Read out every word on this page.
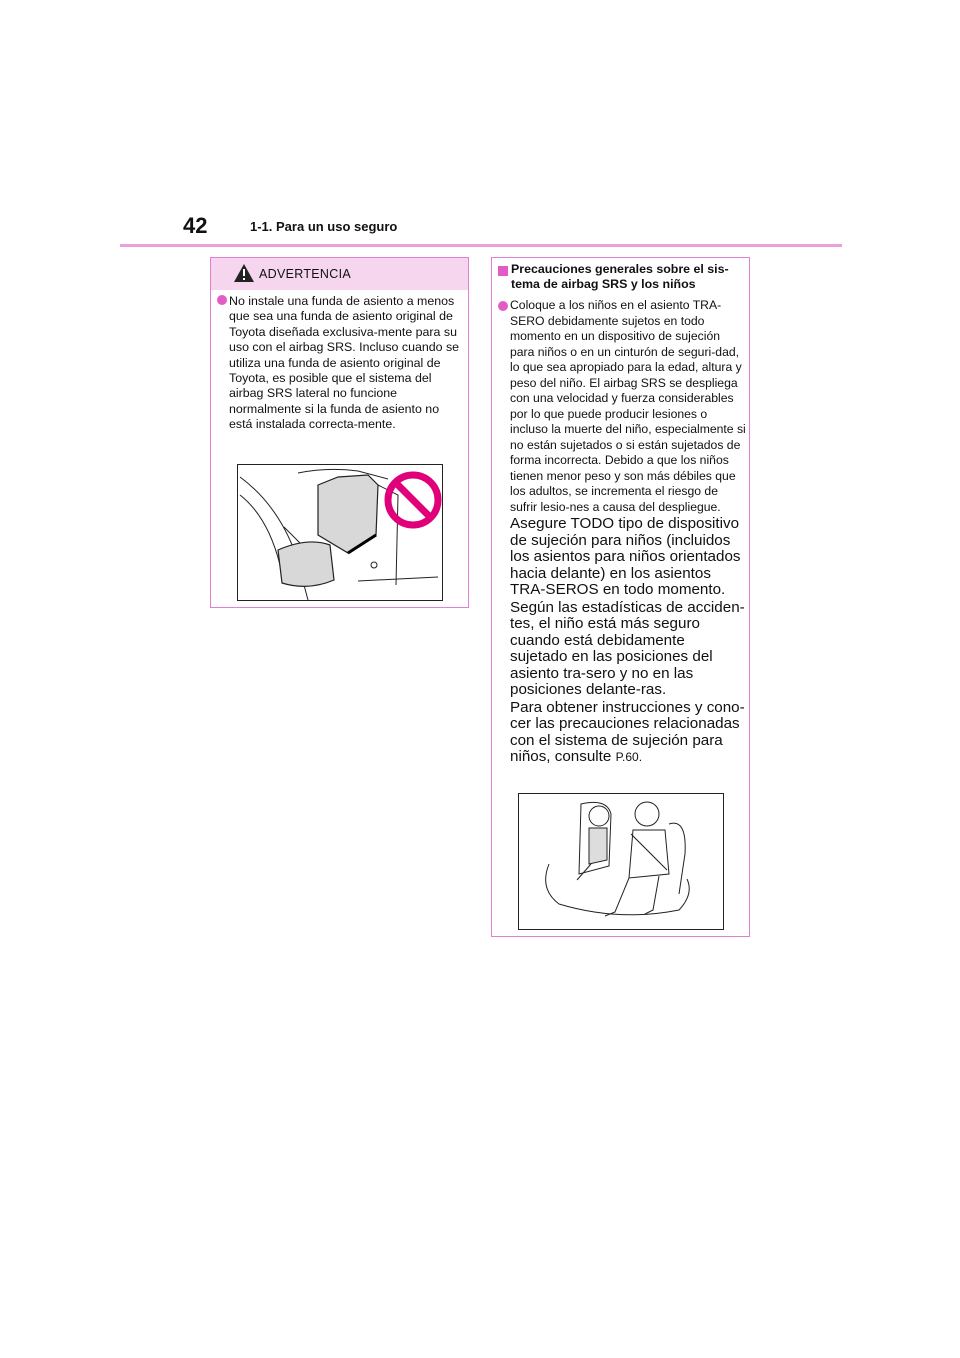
42	1-1. Para un uso seguro
ADVERTENCIA
No instale una funda de asiento a menos que sea una funda de asiento original de Toyota diseñada exclusiva-mente para su uso con el airbag SRS. Incluso cuando se utiliza una funda de asiento original de Toyota, es posible que el sistema del airbag SRS lateral no funcione normalmente si la funda de asiento no está instalada correcta-mente.
Precauciones generales sobre el sis-tema de airbag SRS y los niños
Coloque a los niños en el asiento TRA-SERO debidamente sujetos en todo momento en un dispositivo de sujeción para niños o en un cinturón de seguri-dad, lo que sea apropiado para la edad, altura y peso del niño. El airbag SRS se despliega con una velocidad y fuerza considerables por lo que puede producir lesiones o incluso la muerte del niño, especialmente si no están sujetados o si están sujetados de forma incorrecta. Debido a que los niños tienen menor peso y son más débiles que los adultos, se incrementa el riesgo de sufrir lesio-nes a causa del despliegue.
Asegure TODO tipo de dispositivo de sujeción para niños (incluidos los asientos para niños orientados hacia delante) en los asientos TRA-SEROS en todo momento.
Según las estadísticas de acciden-tes, el niño está más seguro cuando está debidamente sujetado en las posiciones del asiento tra-sero y no en las posiciones delante-ras.
Para obtener instrucciones y cono-cer las precauciones relacionadas con el sistema de sujeción para niños, consulte P.60.
